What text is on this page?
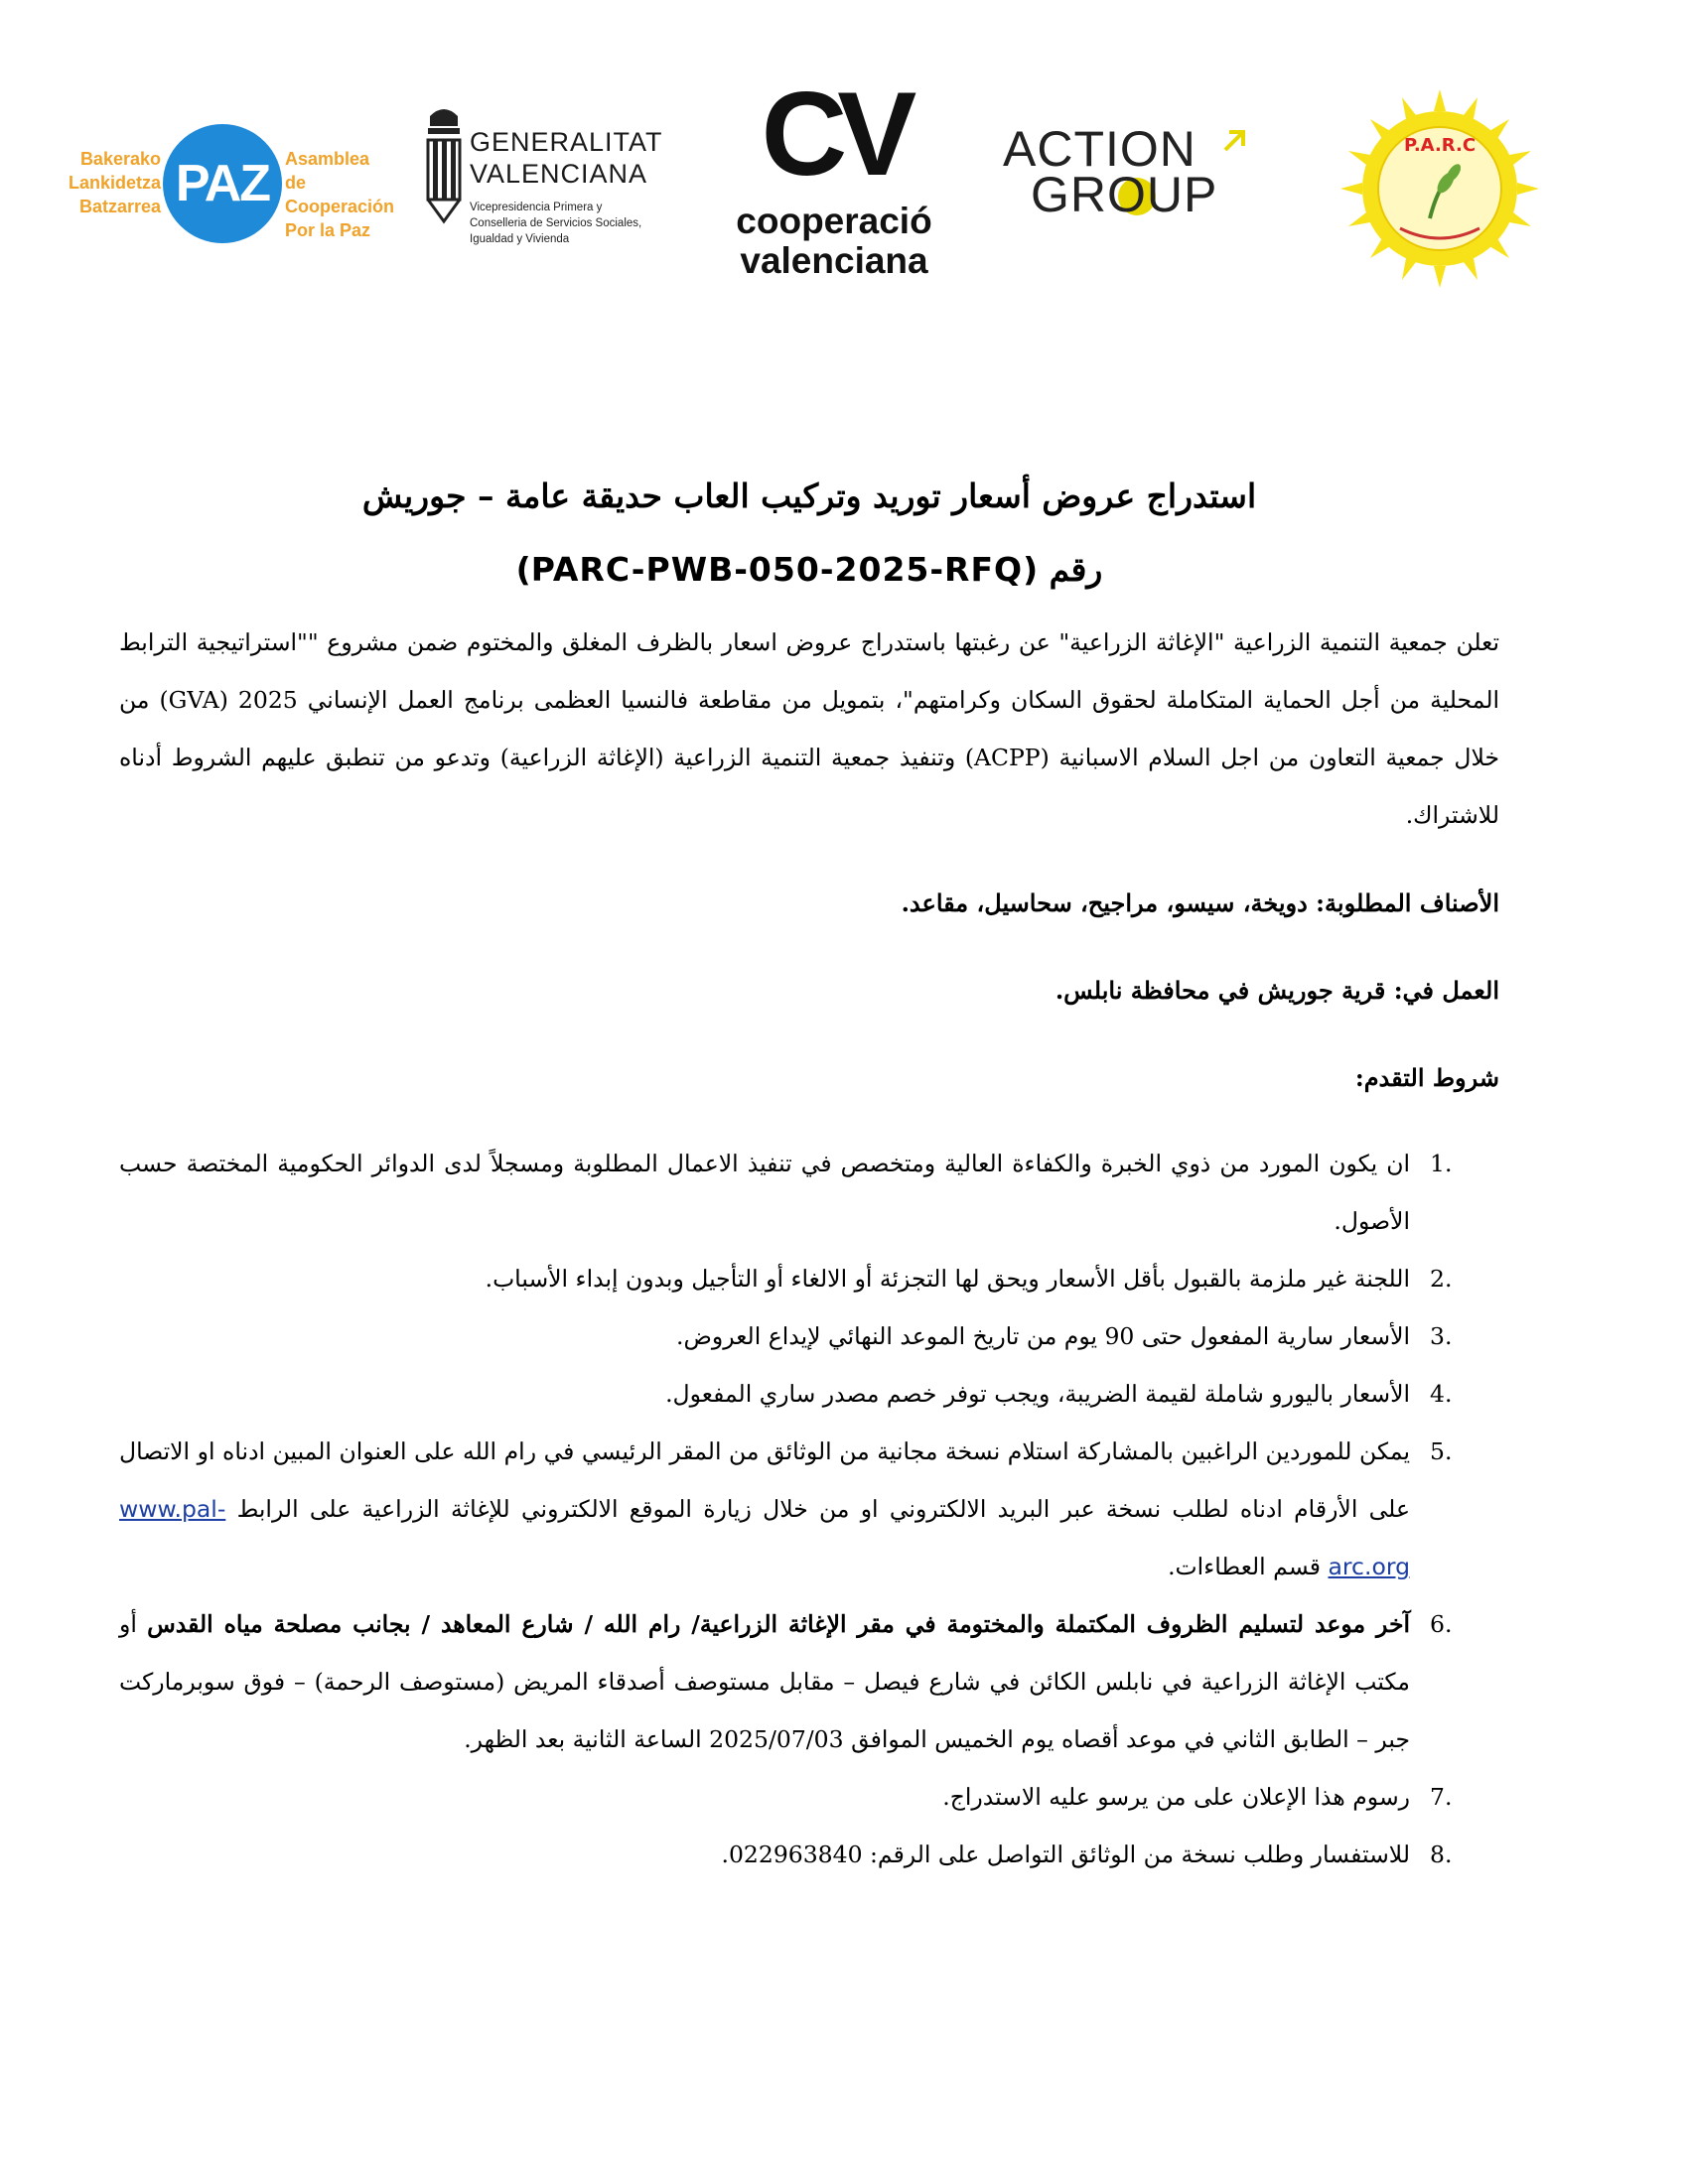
Bakerako
Lankidetza
Batzarrea PAZ Asamblea de
Cooperación
Por la Paz
GENERALITAT
VALENCIANA
Vicepresidencia Primera y
Conselleria de Servicios Sociales,
Igualdad y Vivienda
CV
cooperació
valenciana
ACTION
GROUP
P.A.R.C
استدراج عروض أسعار توريد وتركيب العاب حديقة عامة – جوريش
رقم (PARC-PWB-050-2025-RFQ)
تعلن جمعية التنمية الزراعية "الإغاثة الزراعية" عن رغبتها باستدراج عروض اسعار بالظرف المغلق والمختوم ضمن مشروع ""استراتيجية الترابط المحلية من أجل الحماية المتكاملة لحقوق السكان وكرامتهم"، بتمويل من مقاطعة فالنسيا العظمى برنامج العمل الإنساني 2025 (GVA) من خلال جمعية التعاون من اجل السلام الاسبانية (ACPP) وتنفيذ جمعية التنمية الزراعية (الإغاثة الزراعية) وتدعو من تنطبق عليهم الشروط أدناه للاشتراك.
الأصناف المطلوبة: دويخة، سيسو، مراجيح، سحاسيل، مقاعد.
العمل في: قرية جوريش في محافظة نابلس.
شروط التقدم:
1.
ان يكون المورد من ذوي الخبرة والكفاءة العالية ومتخصص في تنفيذ الاعمال المطلوبة ومسجلاً لدى الدوائر الحكومية المختصة حسب الأصول.
2.
اللجنة غير ملزمة بالقبول بأقل الأسعار ويحق لها التجزئة أو الالغاء أو التأجيل وبدون إبداء الأسباب.
3.
الأسعار سارية المفعول حتى 90 يوم من تاريخ الموعد النهائي لإيداع العروض.
4.
الأسعار باليورو شاملة لقيمة الضريبة، ويجب توفر خصم مصدر ساري المفعول.
5.
يمكن للموردين الراغبين بالمشاركة استلام نسخة مجانية من الوثائق من المقر الرئيسي في رام الله على العنوان المبين ادناه او الاتصال على الأرقام ادناه لطلب نسخة عبر البريد الالكتروني او من خلال زيارة الموقع الالكتروني للإغاثة الزراعية على الرابط www.pal-arc.org قسم العطاءات.
6.
آخر موعد لتسليم الظروف المكتملة والمختومة في مقر الإغاثة الزراعية/ رام الله / شارع المعاهد / بجانب مصلحة مياه القدس أو مكتب الإغاثة الزراعية في نابلس الكائن في شارع فيصل – مقابل مستوصف أصدقاء المريض (مستوصف الرحمة) – فوق سوبرماركت جبر – الطابق الثاني في موعد أقصاه يوم الخميس الموافق 2025/07/03 الساعة الثانية بعد الظهر.
7.
رسوم هذا الإعلان على من يرسو عليه الاستدراج.
8.
للاستفسار وطلب نسخة من الوثائق التواصل على الرقم: 022963840.
